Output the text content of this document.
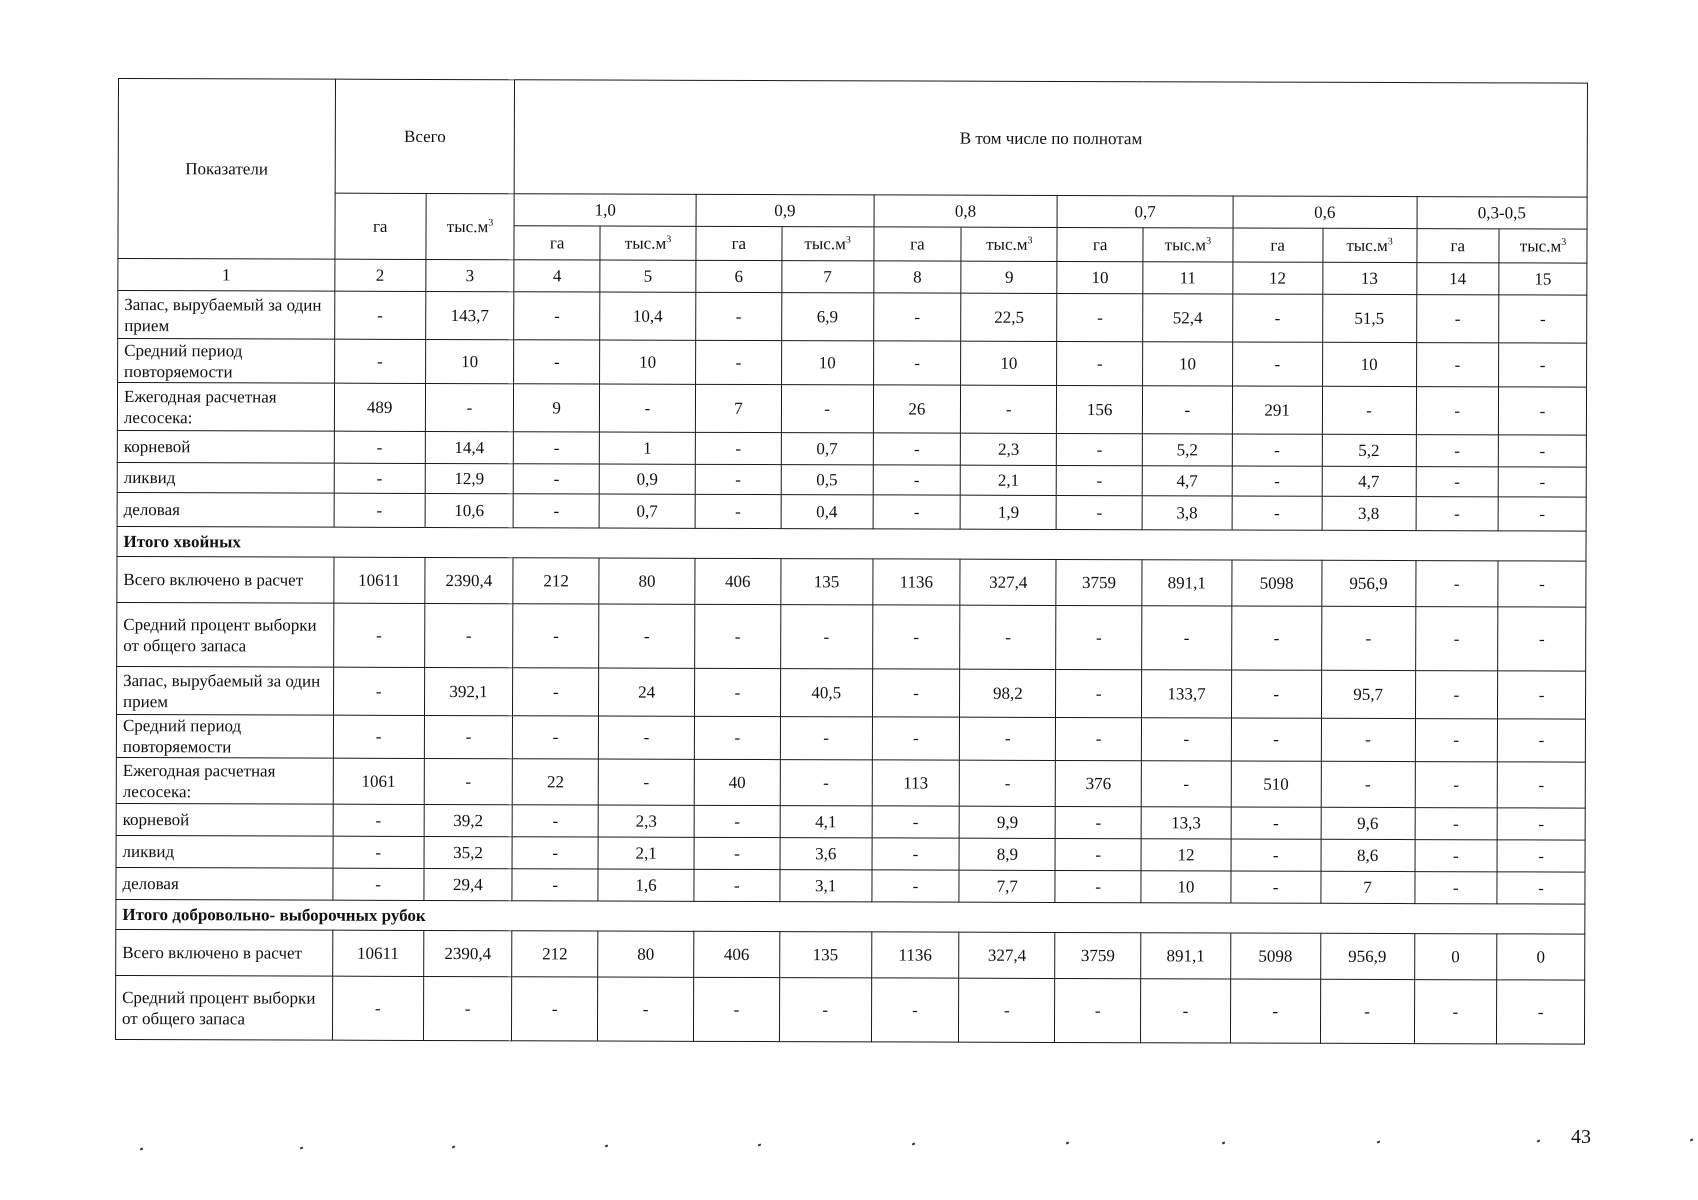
Показатели	Всего		В том числе по полнотам											
	га	$тыс.м^3$	1,0		0,9		0,8		0,7		0,6		0,3-0,5	
			га	$тыс.м^3$	га	$тыс.м^3$	га	$тыс.м^3$	га	$тыс.м^3$	га	$тыс.м^3$	га	$тыс.м^3$
1	2	3	4	5	6	7	8	9	10	11	12	13	14	15
Запас, вырубаемый за один прием	-	143,7	-	10,4	-	6,9	-	22,5	-	52,4	-	51,5	-	-
Средний период повторяемости	-	10	-	10	-	10	-	10	-	10	-	10	-	-
Ежегодная расчетная лесосека:	489	-	9	-	7	-	26	-	156	-	291	-	-	-
корневой	-	14,4	-	1	-	0,7	-	2,3	-	5,2	-	5,2	-	-
ликвид	-	12,9	-	0,9	-	0,5	-	2,1	-	4,7	-	4,7	-	-
деловая	-	10,6	-	0,7	-	0,4	-	1,9	-	3,8	-	3,8	-	-
Итого хвойных														
Всего включено в расчет	10611	2390,4	212	80	406	135	1136	327,4	3759	891,1	5098	956,9	-	-
Средний процент выборки от общего запаса	-	-	-	-	-	-	-	-	-	-	-	-	-	-
Запас, вырубаемый за один прием	-	392,1	-	24	-	40,5	-	98,2	-	133,7	-	95,7	-	-
Средний период повторяемости	-	-	-	-	-	-	-	-	-	-	-	-	-	-
Ежегодная расчетная лесосека:	1061	-	22	-	40	-	113	-	376	-	510	-	-	-
корневой	-	39,2	-	2,3	-	4,1	-	9,9	-	13,3	-	9,6	-	-
ликвид	-	35,2	-	2,1	-	3,6	-	8,9	-	12	-	8,6	-	-
деловая	-	29,4	-	1,6	-	3,1	-	7,7	-	10	-	7	-	-
Итого добровольно- выборочных рубок														
Всего включено в расчет	10611	2390,4	212	80	406	135	1136	327,4	3759	891,1	5098	956,9	0	0
Средний процент выборки от общего запаса	-	-	-	-	-	-	-	-	-	-	-	-	-	-
43
